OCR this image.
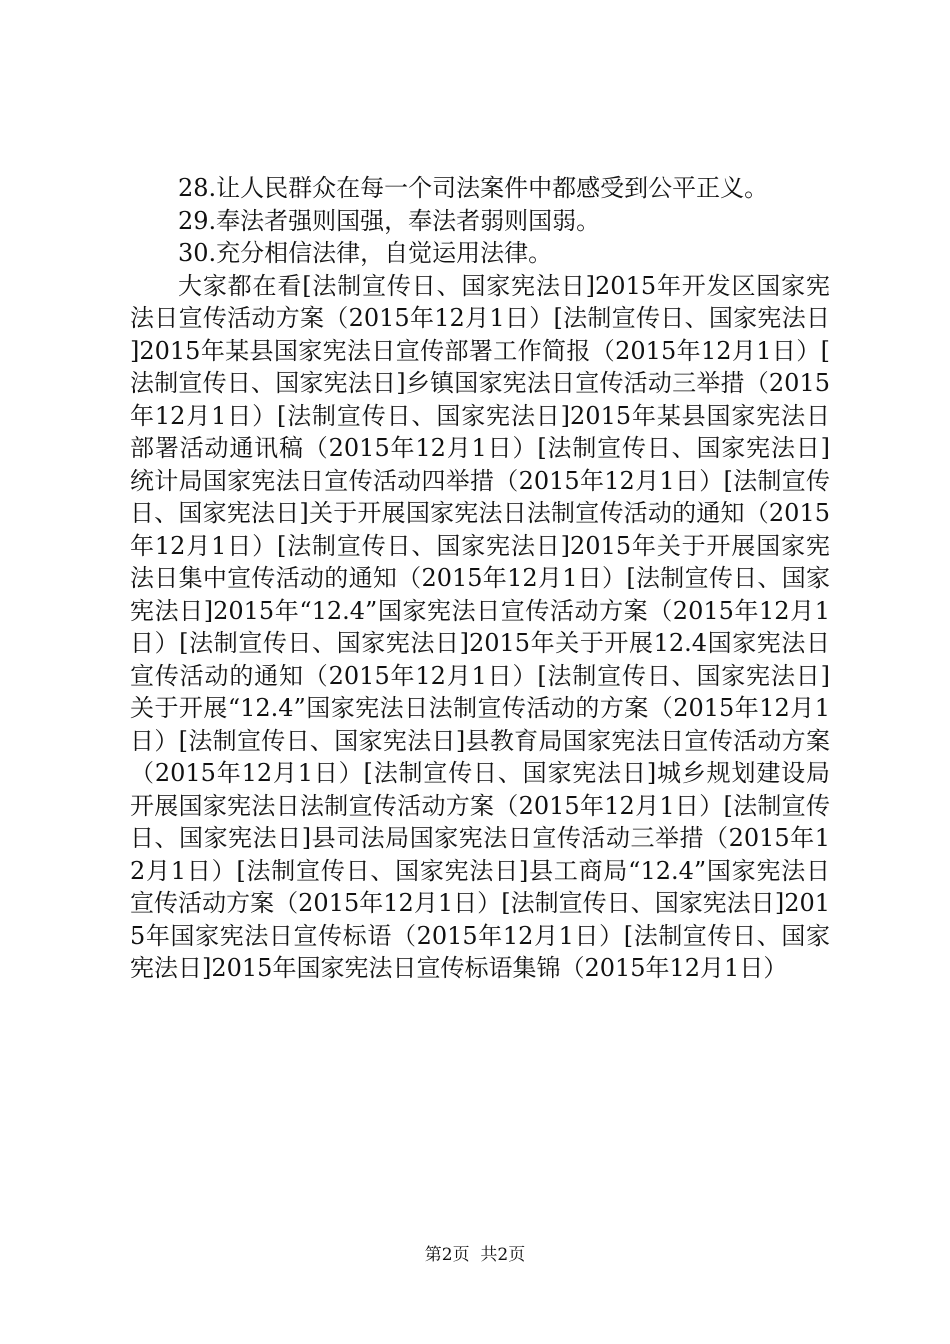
28.让人民群众在每一个司法案件中都感受到公平正义。

29.奉法者强则国强，奉法者弱则国弱。

30.充分相信法律，自觉运用法律。

大家都在看[法制宣传日、国家宪法日]2015年开发区国家宪法日宣传活动方案（2015年12月1日）[法制宣传日、国家宪法日]2015年某县国家宪法日宣传部署工作简报（2015年12月1日）[法制宣传日、国家宪法日]乡镇国家宪法日宣传活动三举措（2015年12月1日）[法制宣传日、国家宪法日]2015年某县国家宪法日部署活动通讯稿（2015年12月1日）[法制宣传日、国家宪法日]统计局国家宪法日宣传活动四举措（2015年12月1日）[法制宣传日、国家宪法日]关于开展国家宪法日法制宣传活动的通知（2015年12月1日）[法制宣传日、国家宪法日]2015年关于开展国家宪法日集中宣传活动的通知（2015年12月1日）[法制宣传日、国家宪法日]2015年“12.4”国家宪法日宣传活动方案（2015年12月1日）[法制宣传日、国家宪法日]2015年关于开展12.4国家宪法日宣传活动的通知（2015年12月1日）[法制宣传日、国家宪法日]关于开展“12.4”国家宪法日法制宣传活动的方案（2015年12月1日）[法制宣传日、国家宪法日]县教育局国家宪法日宣传活动方案（2015年12月1日）[法制宣传日、国家宪法日]城乡规划建设局开展国家宪法日法制宣传活动方案（2015年12月1日）[法制宣传日、国家宪法日]县司法局国家宪法日宣传活动三举措（2015年12月1日）[法制宣传日、国家宪法日]县工商局“12.4”国家宪法日宣传活动方案（2015年12月1日）[法制宣传日、国家宪法日]2015年国家宪法日宣传标语（2015年12月1日）[法制宣传日、国家宪法日]2015年国家宪法日宣传标语集锦（2015年12月1日）

第2页 共2页
